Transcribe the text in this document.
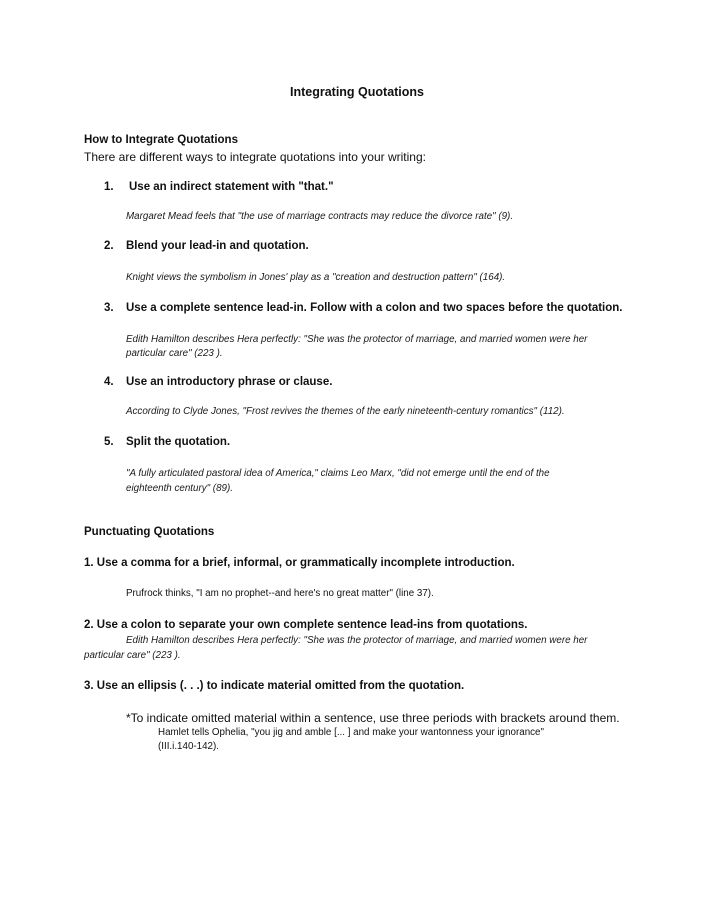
Integrating Quotations
How to Integrate Quotations
There are different ways to integrate quotations into your writing:
1. Use an indirect statement with "that."
Margaret Mead feels that "the use of marriage contracts may reduce the divorce rate" (9).
2. Blend your lead-in and quotation.
Knight views the symbolism in Jones' play as a "creation and destruction pattern" (164).
3. Use a complete sentence lead-in. Follow with a colon and two spaces before the quotation.
Edith Hamilton describes Hera perfectly: "She was the protector of marriage, and married women were her
particular care" (223 ).
4. Use an introductory phrase or clause.
According to Clyde Jones, "Frost revives the themes of the early nineteenth-century romantics" (112).
5. Split the quotation.
"A fully articulated pastoral idea of America," claims Leo Marx, "did not emerge until the end of the
eighteenth century" (89).
Punctuating Quotations
1. Use a comma for a brief, informal, or grammatically incomplete introduction.
Prufrock thinks, "I am no prophet--and here's no great matter" (line 37).
2. Use a colon to separate your own complete sentence lead-ins from quotations.
Edith Hamilton describes Hera perfectly: "She was the protector of marriage, and married women were her
particular care" (223 ).
3. Use an ellipsis (. . .) to indicate material omitted from the quotation.
*To indicate omitted material within a sentence, use three periods with brackets around them.
Hamlet tells Ophelia, "you jig and amble [... ] and make your wantonness your ignorance"
(III.i.140-142).
